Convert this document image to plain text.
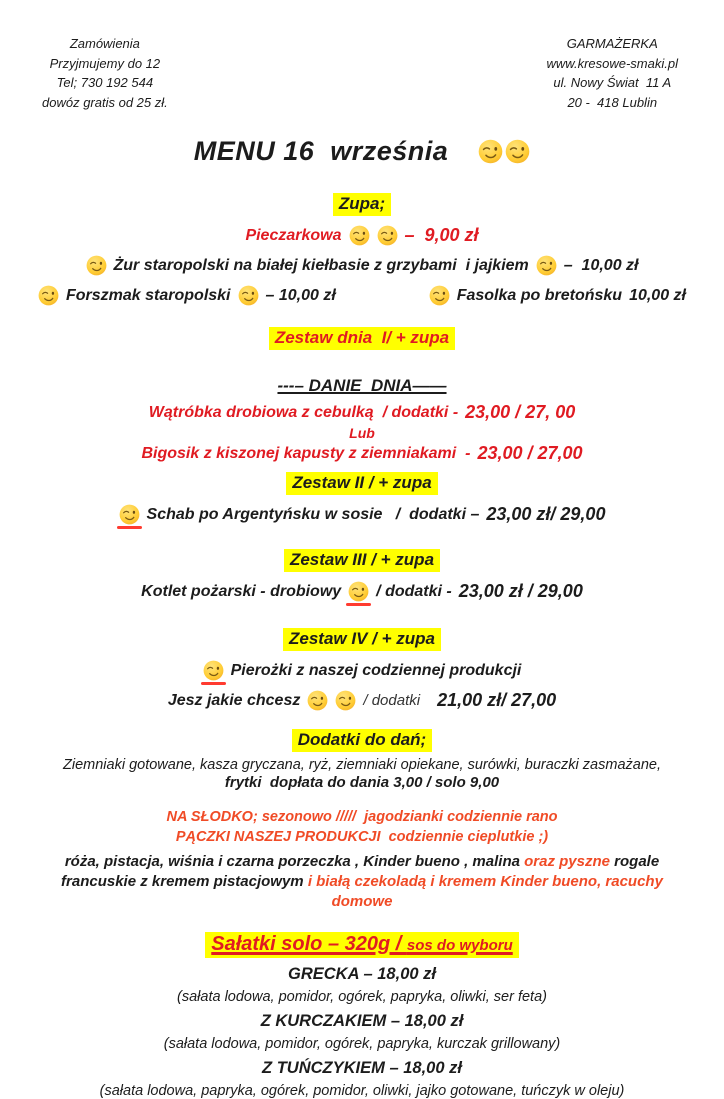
Zamówienia
Przyjmujemy do 12
Tel; 730 192 544
dowóz gratis od 25 zł.
GARMAŻERKA
www.kresowe-smaki.pl
ul. Nowy Świat  11 A
20 -  418 Lublin
MENU 16  września
Zupa;
Pieczarkowa	–  9,00 zł
Żur staropolski na białej kiełbasie z grzybami  i jajkiem –  10,00 zł
Forszmak staropolski – 10,00 zł	Fasolka po bretońsku 10,00 zł
Zestaw dnia  I/ + zupa
---– DANIE  DNIA——
Wątróbka drobiowa z cebulką  / dodatki - 23,00 / 27, 00
Lub
Bigosik z kiszonej kapusty z ziemniakami  - 23,00 / 27,00
Zestaw II / + zupa
Schab po Argentyńsku w sosie   /  dodatki – 23,00 zł/ 29,00
Zestaw III / + zupa
Kotlet pożarski - drobiowy / dodatki - 23,00 zł / 29,00
Zestaw IV / + zupa
Pierożki z naszej codziennej produkcji
Jesz jakie chcesz	/ dodatki 21,00 zł/ 27,00
Dodatki do dań;
Ziemniaki gotowane, kasza gryczana, ryż, ziemniaki opiekane, surówki, buraczki zasmażane,
frytki  dopłata do dania 3,00 / solo 9,00
NA SŁODKO; sezonowo /////  jagodzianki codziennie rano
PĄCZKI NASZEJ PRODUKCJI  codziennie cieplutkie ;)
róża, pistacja, wiśnia i czarna porzeczka , Kinder bueno , malina oraz pyszne rogale francuskie z kremem pistacjowym i białą czekoladą i kremem Kinder bueno, racuchy domowe
Sałatki solo – 320g / sos do wyboru
GRECKA – 18,00 zł
(sałata lodowa, pomidor, ogórek, papryka, oliwki, ser feta)
Z KURCZAKIEM – 18,00 zł
(sałata lodowa, pomidor, ogórek, papryka, kurczak grillowany)
Z TUŃCZYKIEM – 18,00 zł
(sałata lodowa, papryka, ogórek, pomidor, oliwki, jajko gotowane, tuńczyk w oleju)
